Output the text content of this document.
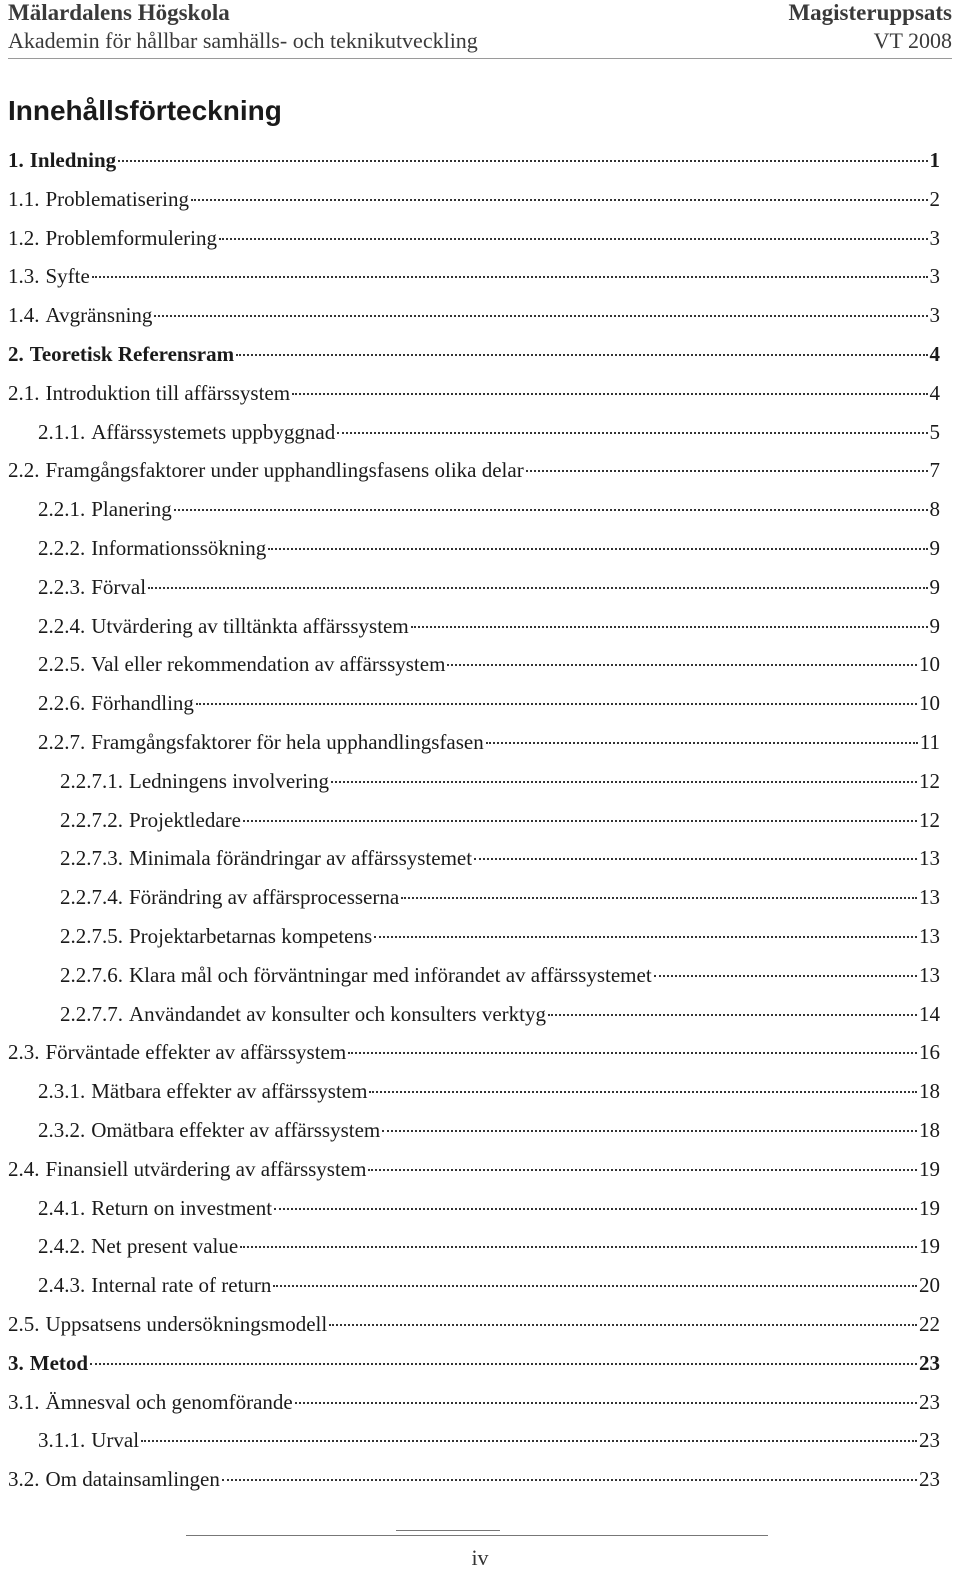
Mälardalens Högskola	Magisteruppsats
Akademin för hållbar samhälls- och teknikutveckling	VT 2008
Innehållsförteckning
1. Inledning	1
1.1. Problematisering	2
1.2. Problemformulering	3
1.3. Syfte	3
1.4. Avgränsning	3
2. Teoretisk Referensram	4
2.1. Introduktion till affärssystem	4
2.1.1. Affärssystemets uppbyggnad	5
2.2. Framgångsfaktorer under upphandlingsfasens olika delar	7
2.2.1. Planering	8
2.2.2. Informationssökning	9
2.2.3. Förval	9
2.2.4. Utvärdering av tilltänkta affärssystem	9
2.2.5. Val eller rekommendation av affärssystem	10
2.2.6. Förhandling	10
2.2.7. Framgångsfaktorer för hela upphandlingsfasen	11
2.2.7.1. Ledningens involvering	12
2.2.7.2. Projektledare	12
2.2.7.3. Minimala förändringar av affärssystemet	13
2.2.7.4. Förändring av affärsprocesserna	13
2.2.7.5. Projektarbetarnas kompetens	13
2.2.7.6. Klara mål och förväntningar med införandet av affärssystemet	13
2.2.7.7. Användandet av konsulter och konsulters verktyg	14
2.3. Förväntade effekter av affärssystem	16
2.3.1. Mätbara effekter av affärssystem	18
2.3.2. Omätbara effekter av affärssystem	18
2.4. Finansiell utvärdering av affärssystem	19
2.4.1. Return on investment	19
2.4.2. Net present value	19
2.4.3. Internal rate of return	20
2.5. Uppsatsens undersökningsmodell	22
3. Metod	23
3.1. Ämnesval och genomförande	23
3.1.1. Urval	23
3.2. Om datainsamlingen	23
iv
